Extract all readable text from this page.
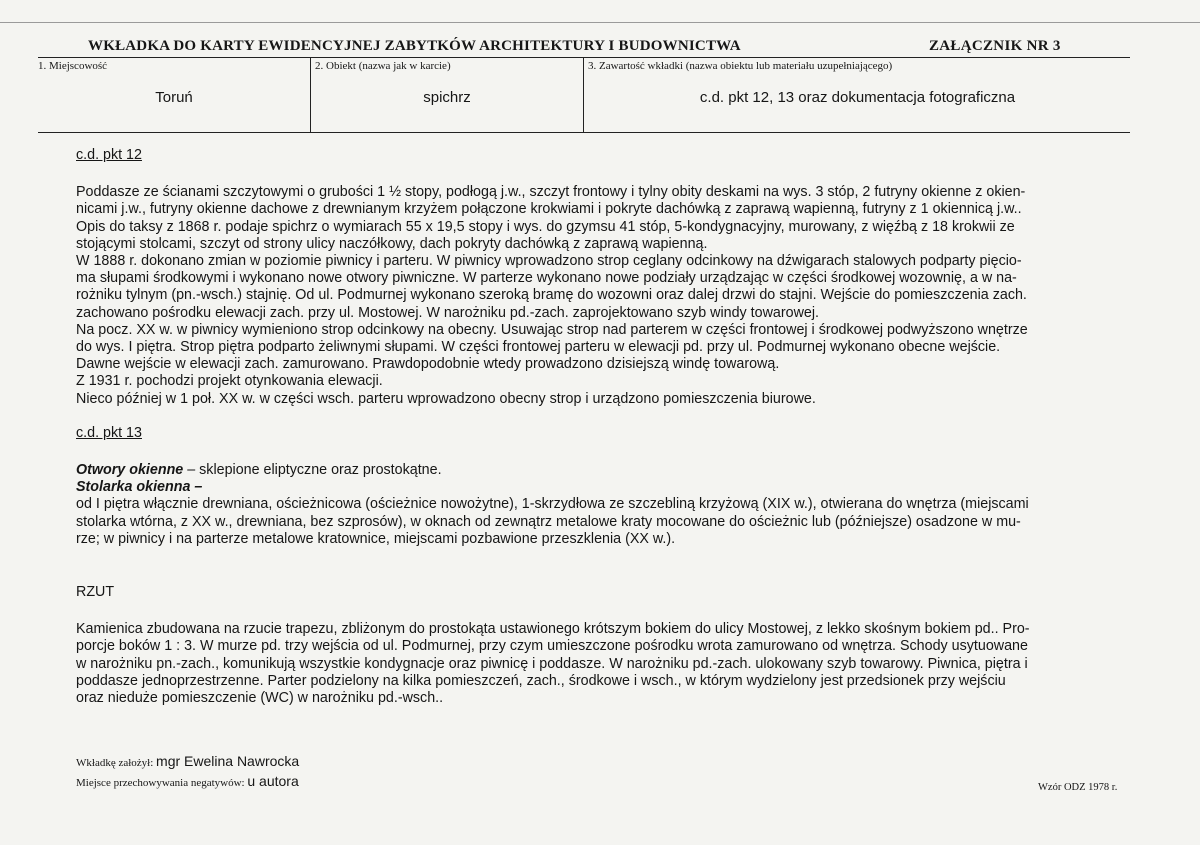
WKŁADKA DO KARTY EWIDENCYJNEJ ZABYTKÓW ARCHITEKTURY I BUDOWNICTWA	ZAŁĄCZNIK NR 3
1. Miejscowość
Toruń
2. Obiekt (nazwa jak w karcie)
spichrz
3. Zawartość wkładki (nazwa obiektu lub materiału uzupełniającego)
c.d. pkt 12, 13 oraz dokumentacja fotograficzna

c.d. pkt 12

Poddasze ze ścianami szczytowymi o grubości 1 ½ stopy, podłogą j.w., szczyt frontowy i tylny obity deskami na wys. 3 stóp, 2 futryny okienne z okien-

nicami j.w., futryny okienne dachowe z drewnianym krzyżem połączone krokwiami i pokryte dachówką z zaprawą wapienną, futryny z 1 okiennicą j.w..

Opis do taksy z 1868 r. podaje spichrz o wymiarach 55 x 19,5 stopy i wys. do gzymsu 41 stóp, 5-kondygnacyjny, murowany, z więźbą z 18 krokwii ze

stojącymi stolcami, szczyt od strony ulicy naczółkowy, dach pokryty dachówką z zaprawą wapienną.

W 1888 r. dokonano zmian w poziomie piwnicy i parteru. W piwnicy wprowadzono strop ceglany odcinkowy na dźwigarach stalowych podparty pięcio-

ma słupami środkowymi i wykonano nowe otwory piwniczne. W parterze wykonano nowe podziały urządzając w części środkowej wozownię, a w na-

rożniku tylnym (pn.-wsch.) stajnię. Od ul. Podmurnej wykonano szeroką bramę do wozowni oraz dalej drzwi do stajni. Wejście do pomieszczenia zach.

zachowano pośrodku elewacji zach. przy ul. Mostowej. W narożniku pd.-zach. zaprojektowano szyb windy towarowej.

Na pocz. XX w. w piwnicy wymieniono strop odcinkowy na obecny. Usuwając strop nad parterem w części frontowej i środkowej podwyższono wnętrze

do wys. I piętra. Strop piętra podparto żeliwnymi słupami. W części frontowej parteru w elewacji pd. przy ul. Podmurnej wykonano obecne wejście.

Dawne wejście w elewacji zach. zamurowano. Prawdopodobnie wtedy prowadzono dzisiejszą windę towarową.

Z 1931 r. pochodzi projekt otynkowania elewacji.

Nieco później w 1 poł. XX w. w części wsch. parteru wprowadzono obecny strop i urządzono pomieszczenia biurowe.

c.d. pkt 13

Otwory okienne – sklepione eliptyczne oraz prostokątne.

Stolarka okienna –

od I piętra włącznie drewniana, ościeżnicowa (ościeżnice nowożytne), 1-skrzydłowa ze szczebliną krzyżową (XIX w.), otwierana do wnętrza (miejscami

stolarka wtórna, z XX w., drewniana, bez szprosów), w oknach od zewnątrz metalowe kraty mocowane do ościeżnic lub (późniejsze) osadzone w mu-

rze; w piwnicy i na parterze metalowe kratownice, miejscami pozbawione przeszklenia (XX w.).

RZUT

Kamienica zbudowana na rzucie trapezu, zbliżonym do prostokąta ustawionego krótszym bokiem do ulicy Mostowej, z lekko skośnym bokiem pd.. Pro-

porcje boków 1 : 3. W murze pd. trzy wejścia od ul. Podmurnej, przy czym umieszczone pośrodku wrota zamurowano od wnętrza. Schody usytuowane

w narożniku pn.-zach., komunikują wszystkie kondygnacje oraz piwnicę i poddasze. W narożniku pd.-zach. ulokowany szyb towarowy. Piwnica, piętra i

poddasze jednoprzestrzenne. Parter podzielony na kilka pomieszczeń, zach., środkowe i wsch., w którym wydzielony jest przedsionek przy wejściu

oraz nieduże pomieszczenie (WC) w narożniku pd.-wsch..

Wkładkę założył: mgr Ewelina Nawrocka
Miejsce przechowywania negatywów: u autora	Wzór ODZ 1978 r.
